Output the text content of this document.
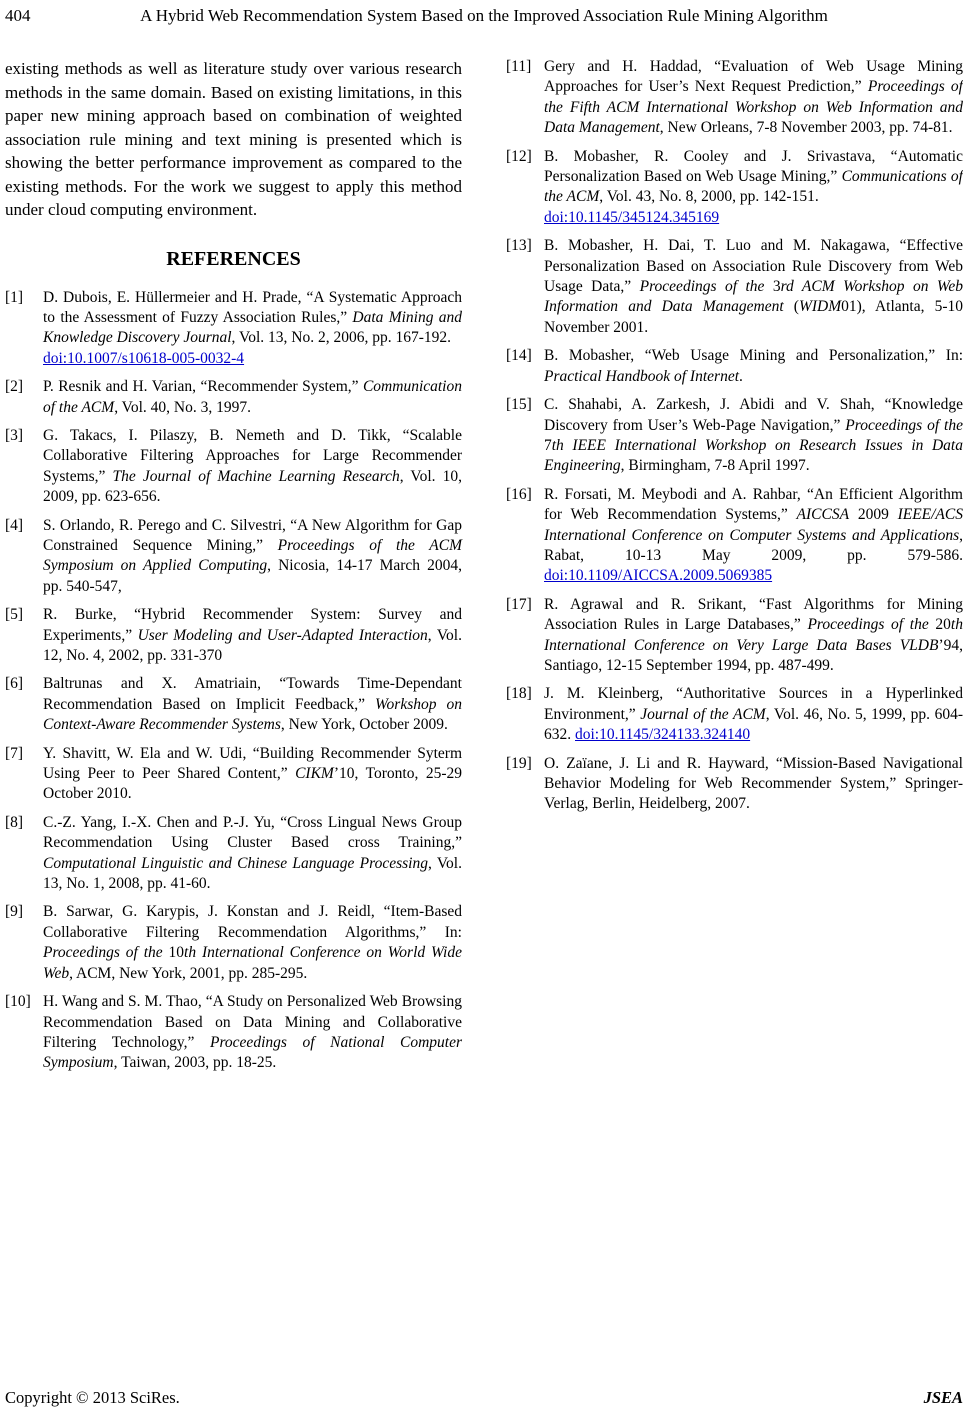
404	A Hybrid Web Recommendation System Based on the Improved Association Rule Mining Algorithm

existing methods as well as literature study over various research methods in the same domain. Based on existing limitations, in this paper new mining approach based on combination of weighted association rule mining and text mining is presented which is showing the better performance improvement as compared to the existing methods. For the work we suggest to apply this method under cloud computing environment.

REFERENCES
[1] D. Dubois, E. Hüllermeier and H. Prade, “A Systematic Approach to the Assessment of Fuzzy Association Rules,” Data Mining and Knowledge Discovery Journal, Vol. 13, No. 2, 2006, pp. 167-192.
doi:10.1007/s10618-005-0032-4
[2] P. Resnik and H. Varian, “Recommender System,” Communication of the ACM, Vol. 40, No. 3, 1997.
[3] G. Takacs, I. Pilaszy, B. Nemeth and D. Tikk, “Scalable Collaborative Filtering Approaches for Large Recommender Systems,” The Journal of Machine Learning Research, Vol. 10, 2009, pp. 623-656.
[4] S. Orlando, R. Perego and C. Silvestri, “A New Algorithm for Gap Constrained Sequence Mining,” Proceedings of the ACM Symposium on Applied Computing, Nicosia, 14-17 March 2004, pp. 540-547,
[5] R. Burke, “Hybrid Recommender System: Survey and Experiments,” User Modeling and User-Adapted Interaction, Vol. 12, No. 4, 2002, pp. 331-370
[6] Baltrunas and X. Amatriain, “Towards Time-Dependant Recommendation Based on Implicit Feedback,” Workshop on Context-Aware Recommender Systems, New York, October 2009.
[7] Y. Shavitt, W. Ela and W. Udi, “Building Recommender Syterm Using Peer to Peer Shared Content,” CIKM’10, Toronto, 25-29 October 2010.
[8] C.-Z. Yang, I.-X. Chen and P.-J. Yu, “Cross Lingual News Group Recommendation Using Cluster Based cross Training,” Computational Linguistic and Chinese Language Processing, Vol. 13, No. 1, 2008, pp. 41-60.
[9] B. Sarwar, G. Karypis, J. Konstan and J. Reidl, “Item-Based Collaborative Filtering Recommendation Algorithms,” In: Proceedings of the 10th International Conference on World Wide Web, ACM, New York, 2001, pp. 285-295.
[10] H. Wang and S. M. Thao, “A Study on Personalized Web Browsing Recommendation Based on Data Mining and Collaborative Filtering Technology,” Proceedings of National Computer Symposium, Taiwan, 2003, pp. 18-25.
[11] Gery and H. Haddad, “Evaluation of Web Usage Mining Approaches for User’s Next Request Prediction,” Proceedings of the Fifth ACM International Workshop on Web Information and Data Management, New Orleans, 7-8 November 2003, pp. 74-81.
[12] B. Mobasher, R. Cooley and J. Srivastava, “Automatic Personalization Based on Web Usage Mining,” Communications of the ACM, Vol. 43, No. 8, 2000, pp. 142-151.
doi:10.1145/345124.345169
[13] B. Mobasher, H. Dai, T. Luo and M. Nakagawa, “Effective Personalization Based on Association Rule Discovery from Web Usage Data,” Proceedings of the 3rd ACM Workshop on Web Information and Data Management (WIDM01), Atlanta, 5-10 November 2001.
[14] B. Mobasher, “Web Usage Mining and Personalization,” In: Practical Handbook of Internet.
[15] C. Shahabi, A. Zarkesh, J. Abidi and V. Shah, “Knowledge Discovery from User’s Web-Page Navigation,” Proceedings of the 7th IEEE International Workshop on Research Issues in Data Engineering, Birmingham, 7-8 April 1997.
[16] R. Forsati, M. Meybodi and A. Rahbar, “An Efficient Algorithm for Web Recommendation Systems,” AICCSA 2009 IEEE/ACS International Conference on Computer Systems and Applications, Rabat, 10-13 May 2009, pp. 579-586. doi:10.1109/AICCSA.2009.5069385
[17] R. Agrawal and R. Srikant, “Fast Algorithms for Mining Association Rules in Large Databases,” Proceedings of the 20th International Conference on Very Large Data Bases VLDB’94, Santiago, 12-15 September 1994, pp. 487-499.
[18] J. M. Kleinberg, “Authoritative Sources in a Hyperlinked Environment,” Journal of the ACM, Vol. 46, No. 5, 1999, pp. 604-632. doi:10.1145/324133.324140
[19] O. Zaïane, J. Li and R. Hayward, “Mission-Based Navigational Behavior Modeling for Web Recommender System,” Springer-Verlag, Berlin, Heidelberg, 2007.
Copyright © 2013 SciRes.	JSEA
